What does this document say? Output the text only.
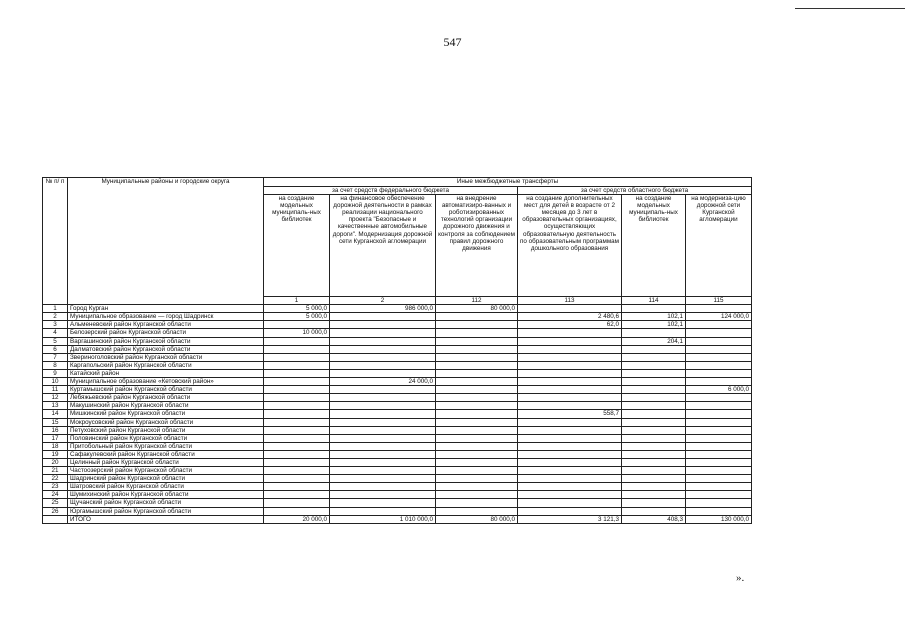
547
№ п/ п	Муниципальные районы и городские округа	Иные межбюджетные трансферты						
		за счет средств федерального бюджета			за счет средств областного бюджета			
		на создание модельных муниципаль-ных библиотек	на финансовое обеспечение дорожной деятельности в рамках реализации национального проекта "Безопасные и качественные автомобильные дороги". Модернизация дорожной сети Курганской агломерации	на внедрение автоматизиро-ванных и роботизированных технологий организации дорожного движения и контроля за соблюдением правил дорожного движения	на создание дополнительных мест для детей в возрасте от 2 месяцев до 3 лет в образовательных организациях, осуществляющих образовательную деятельность по образовательным программам дошкольного образования	на создание модельных муниципаль-ных библиотек	на модерниза-цию дорожной сети Курганской агломерации	
		1	2	112	113	114	115		
1	Город Курган	5 000,0	986 000,0	80 000,0				
2	Муниципальное образование — город Шадринск	5 000,0			2 480,6	102,1	124 000,0	
3	Альменевский район Курганской области				62,0	102,1		
4	Белозерский район Курганской области	10 000,0						
5	Варгашинский район Курганской области					204,1		
6	Далматовский район Курганской области							
7	Звериноголовский район Курганской области							
8	Каргапольский район Курганской области							
9	Катайский район							
10	Муниципальное образование «Кетовский район»		24 000,0					
11	Куртамышский район Курганской области						6 000,0	
12	Лебяжьевский район Курганской области							
13	Макушинский район Курганской области							
14	Мишкинский район Курганской области				558,7			
15	Мокроусовский район Курганской области							
16	Петуховский район Курганской области							
17	Половинский район Курганской области							
18	Притобольный район Курганской области							
19	Сафакулевский район Курганской области							
20	Целинный район Курганской области							
21	Частоозерский район Курганской области							
22	Шадринский район Курганской области							
23	Шатровский район Курганской области							
24	Шумихинский район Курганской области							
25	Щучанский район Курганской области							
26	Юргамышский район Курганской области							
	ИТОГО	20 000,0	1 010 000,0	80 000,0	3 121,3	408,3	130 000,0	
».
